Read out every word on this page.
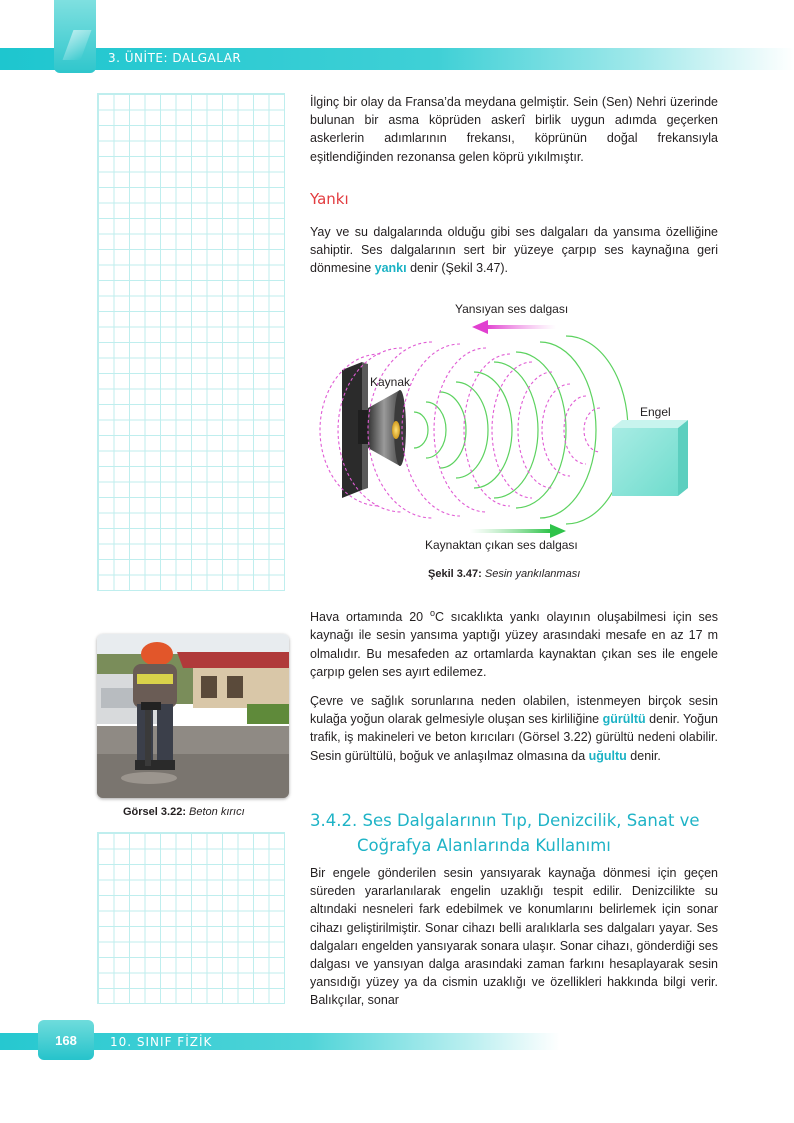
3. ÜNİTE: DALGALAR

İlginç bir olay da Fransa’da meydana gelmiştir. Sein (Sen) Nehri üzerinde bulunan bir asma köprüden askerî birlik uygun adımda geçerken askerlerin adımlarının frekansı, köprünün doğal frekansıyla eşitlendiğinden rezonansa gelen köprü yıkılmıştır.

Yankı

Yay ve su dalgalarında olduğu gibi ses dalgaları da yansıma özelliğine sahiptir. Ses dalgalarının sert bir yüzeye çarpıp ses kaynağına geri dönmesine yankı denir (Şekil 3.47).

Yansıyan ses dalgası
Kaynak
Engel
Kaynaktan çıkan ses dalgası
Şekil 3.47: Sesin yankılanması

Hava ortamında 20 $^o$C sıcaklıkta yankı olayının oluşabilmesi için ses kaynağı ile sesin yansıma yaptığı yüzey arasındaki mesafe en az 17 m olmalıdır. Bu mesafeden az ortamlarda kaynaktan çıkan ses ile engele çarpıp gelen ses ayırt edilemez.

Çevre ve sağlık sorunlarına neden olabilen, istenmeyen birçok sesin kulağa yoğun olarak gelmesiyle oluşan ses kirliliğine gürültü denir. Yoğun trafik, iş makineleri ve beton kırıcıları (Görsel 3.22) gürültü nedeni olabilir. Sesin gürültülü, boğuk ve anlaşılmaz olmasına da uğultu denir.

Görsel 3.22: Beton kırıcı	3.4.2. Ses Dalgalarının Tıp, Denizcilik, Sanat ve
Coğrafya Alanlarında Kullanımı

Bir engele gönderilen sesin yansıyarak kaynağa dönmesi için geçen süreden yararlanılarak engelin uzaklığı tespit edilir. Denizcilikte su altındaki nesneleri fark edebilmek ve konumlarını belirlemek için sonar cihazı geliştirilmiştir. Sonar cihazı belli aralıklarla ses dalgaları yayar. Ses dalgaları engelden yansıyarak sonara ulaşır. Sonar cihazı, gönderdiği ses dalgası ve yansıyan dalga arasındaki zaman farkını hesaplayarak sesin yansıdığı yüzey ya da cismin uzaklığı ve özellikleri hakkında bilgi verir. Balıkçılar, sonar

168	10. SINIF FİZİK
